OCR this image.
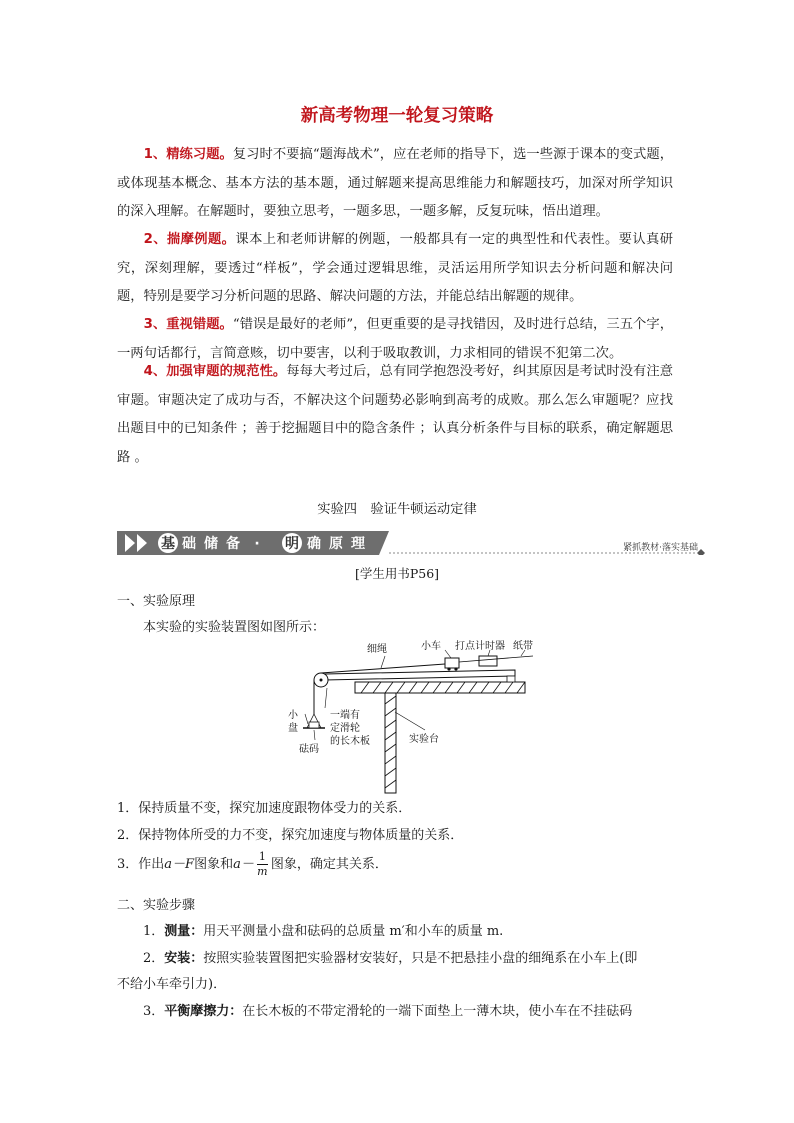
新高考物理一轮复习策略
1、精练习题。复习时不要搞“题海战术”，应在老师的指导下，选一些源于课本的变式题，或体现基本概念、基本方法的基本题，通过解题来提高思维能力和解题技巧，加深对所学知识的深入理解。在解题时，要独立思考，一题多思，一题多解，反复玩味，悟出道理。
2、揣摩例题。课本上和老师讲解的例题，一般都具有一定的典型性和代表性。要认真研究，深刻理解，要透过“样板”，学会通过逻辑思维，灵活运用所学知识去分析问题和解决问题，特别是要学习分析问题的思路、解决问题的方法，并能总结出解题的规律。
3、重视错题。“错误是最好的老师”，但更重要的是寻找错因，及时进行总结，三五个字，一两句话都行，言简意赅，切中要害，以利于吸取教训，力求相同的错误不犯第二次。
4、加强审题的规范性。每每大考过后，总有同学抱怨没考好，纠其原因是考试时没有注意审题。审题决定了成功与否，不解决这个问题势必影响到高考的成败。那么怎么审题呢？应找出题目中的已知条件 ；善于挖掘题目中的隐含条件 ；认真分析条件与目标的联系，确定解题思路 。
实验四　验证牛顿运动定律
基 础 储 备 · 明 确 原 理	紧抓教材·落实基础
[学生用书P56]
一、实验原理
本实验的实验装置图如图所示：
细绳	小车 打点计时器 纸带
小
盘
一端有
定滑轮
的长木板
砝码
实验台
1．保持质量不变，探究加速度跟物体受力的关系．
2．保持物体所受的力不变，探究加速度与物体质量的关系．
3．作出a－F图象和$a- \frac{1}{m}$ 图象，确定其关系．
二、实验步骤
1．测量：用天平测量小盘和砝码的总质量 m′和小车的质量 m.
2．安装：按照实验装置图把实验器材安装好，只是不把悬挂小盘的细绳系在小车上(即
不给小车牵引力)．
3．平衡摩擦力：在长木板的不带定滑轮的一端下面垫上一薄木块，使小车在不挂砝码
